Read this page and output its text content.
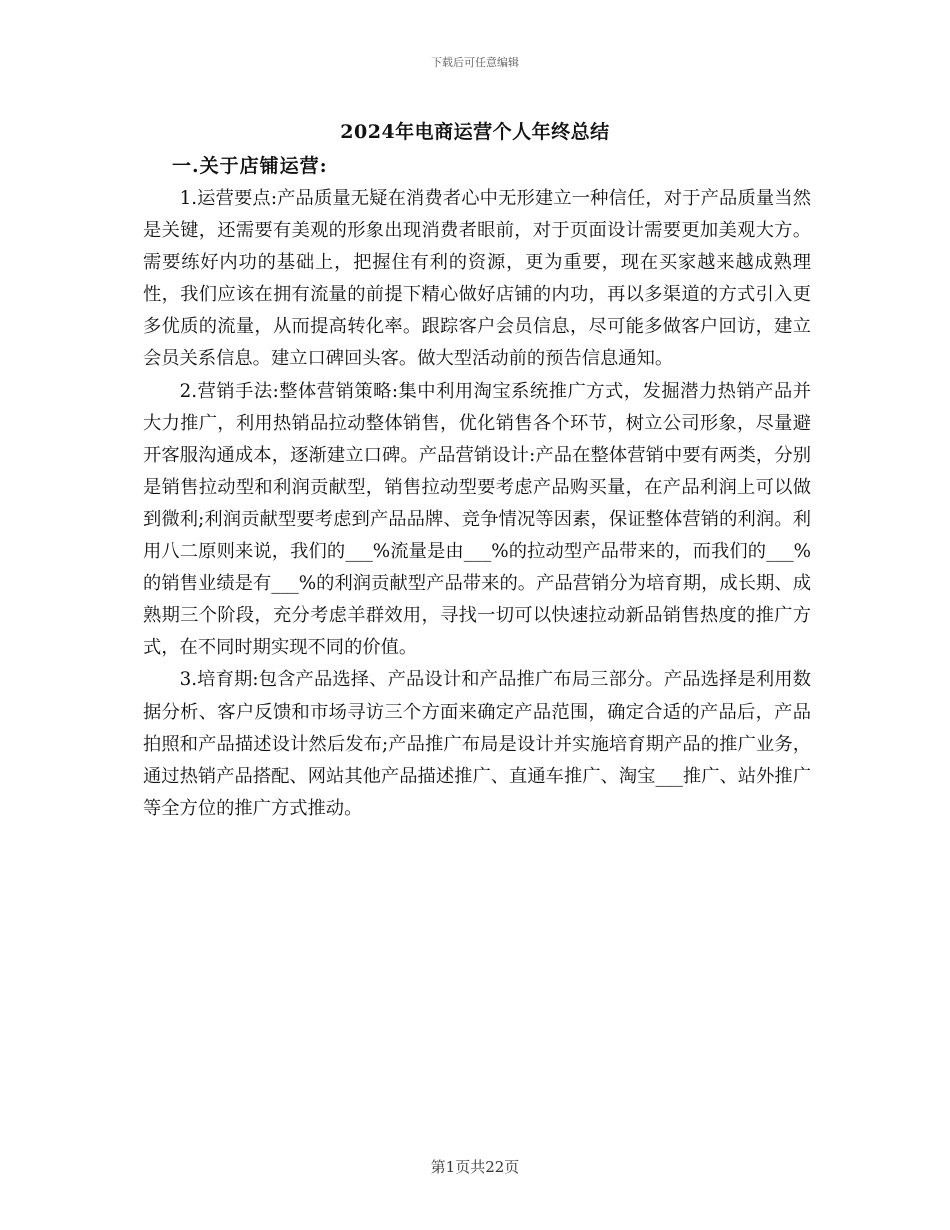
下载后可任意编辑
2024年电商运营个人年终总结
一.关于店铺运营:

1.运营要点:产品质量无疑在消费者心中无形建立一种信任，对于产品质量当然是关键，还需要有美观的形象出现消费者眼前，对于页面设计需要更加美观大方。需要练好内功的基础上，把握住有利的资源，更为重要，现在买家越来越成熟理性，我们应该在拥有流量的前提下精心做好店铺的内功，再以多渠道的方式引入更多优质的流量，从而提高转化率。跟踪客户会员信息，尽可能多做客户回访，建立会员关系信息。建立口碑回头客。做大型活动前的预告信息通知。

2.营销手法:整体营销策略:集中利用淘宝系统推广方式，发掘潜力热销产品并大力推广，利用热销品拉动整体销售，优化销售各个环节，树立公司形象，尽量避开客服沟通成本，逐渐建立口碑。产品营销设计:产品在整体营销中要有两类，分别是销售拉动型和利润贡献型，销售拉动型要考虑产品购买量，在产品利润上可以做到微利;利润贡献型要考虑到产品品牌、竞争情况等因素，保证整体营销的利润。利用八二原则来说，我们的___%流量是由___%的拉动型产品带来的，而我们的___%的销售业绩是有___%的利润贡献型产品带来的。产品营销分为培育期，成长期、成熟期三个阶段，充分考虑羊群效用，寻找一切可以快速拉动新品销售热度的推广方式，在不同时期实现不同的价值。

3.培育期:包含产品选择、产品设计和产品推广布局三部分。产品选择是利用数据分析、客户反馈和市场寻访三个方面来确定产品范围，确定合适的产品后，产品拍照和产品描述设计然后发布;产品推广布局是设计并实施培育期产品的推广业务，通过热销产品搭配、网站其他产品描述推广、直通车推广、淘宝___推广、站外推广等全方位的推广方式推动。

第1页共22页
